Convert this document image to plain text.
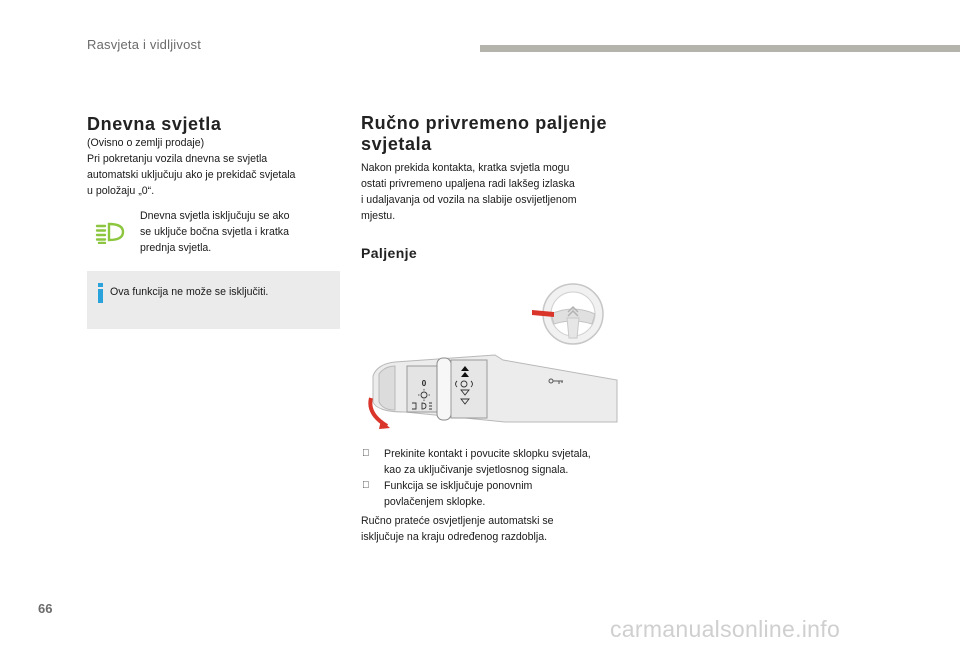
Rasvjeta i vidljivost
Dnevna svjetla
(Ovisno o zemlji prodaje)
Pri pokretanju vozila dnevna se svjetla
automatski uključuju ako je prekidač svjetala
u položaju „0“.
Dnevna svjetla isključuju se ako
se uključe bočna svjetla i kratka
prednja svjetla.
Ova funkcija ne može se isključiti.
Ručno privremeno paljenje
svjetala
Nakon prekida kontakta, kratka svjetla mogu
ostati privremeno upaljena radi lakšeg izlaska
i udaljavanja od vozila na slabije osvijetljenom
mjestu.
Paljenje
0
Prekinite kontakt i povucite sklopku svjetala,
kao za uključivanje svjetlosnog signala.
Funkcija se isključuje ponovnim
povlačenjem sklopke.
Ručno prateće osvjetljenje automatski se
isključuje na kraju određenog razdoblja.
66
carmanualsonline.info
